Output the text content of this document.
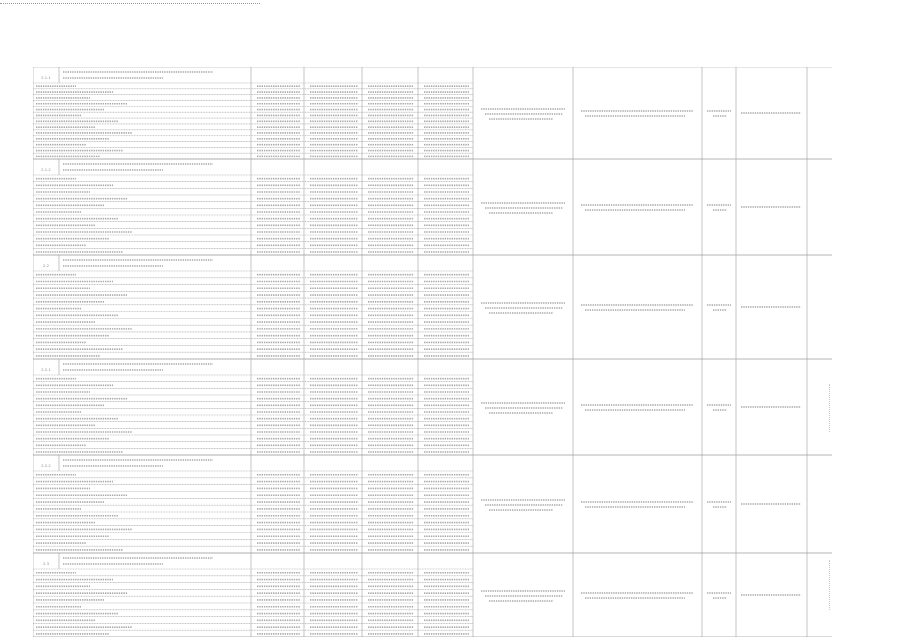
2.1.1
2.1.2
2.2
2.2.1
2.2.2
2.3
